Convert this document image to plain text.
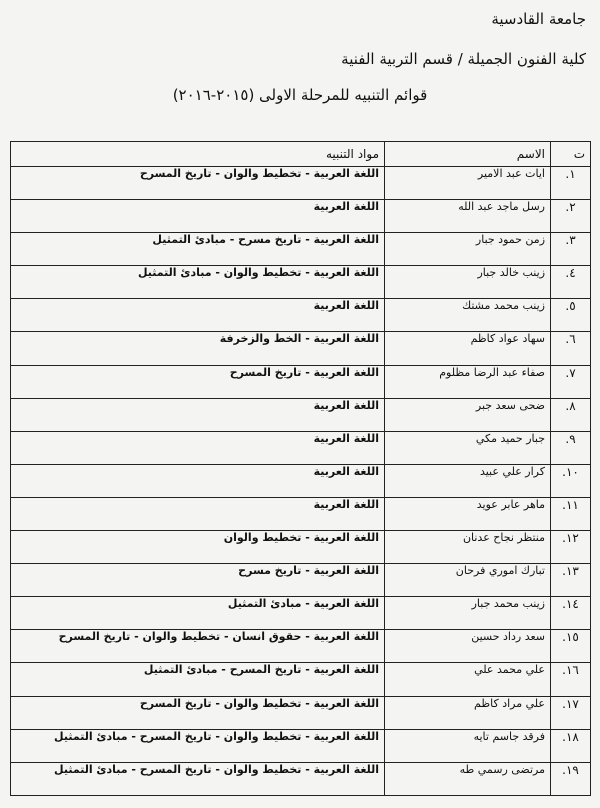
جامعة القادسية
كلية الفنون الجميلة / قسم التربية الفنية
قوائم التنبيه للمرحلة الاولى (٢٠١٥-٢٠١٦)
ت	الاسم	مواد التنبيه
١.	ايات عبد الامير	اللغة العربية - تخطيط والوان - تاريخ المسرح
٢.	رسل ماجد عبد الله	اللغة العربية
٣.	زمن حمود جبار	اللغة العربية - تاريخ مسرح - مبادئ التمثيل
٤.	زينب خالد جبار	اللغة العربية - تخطيط والوان - مبادئ التمثيل
٥.	زينب محمد مشتك	اللغة العربية
٦.	سهاد عواد كاظم	اللغة العربية - الخط والزخرفة
٧.	صفاء عبد الرضا مظلوم	اللغة العربية - تاريخ المسرح
٨.	ضحى سعد جبر	اللغة العربية
٩.	جبار حميد مكي	اللغة العربية
١٠.	كرار علي عبيد	اللغة العربية
١١.	ماهر عابر عويد	اللغة العربية
١٢.	منتظر نجاح عدنان	اللغة العربية - تخطيط والوان
١٣.	تبارك اموري فرحان	اللغة العربية - تاريخ مسرح
١٤.	زينب محمد جبار	اللغة العربية - مبادئ التمثيل
١٥.	سعد رداد حسين	اللغة العربية - حقوق انسان - تخطيط والوان - تاريخ المسرح
١٦.	علي محمد علي	اللغة العربية - تاريخ المسرح - مبادئ التمثيل
١٧.	علي مراد كاظم	اللغة العربية - تخطيط والوان - تاريخ المسرح
١٨.	فرقد جاسم تايه	اللغة العربية - تخطيط والوان - تاريخ المسرح - مبادئ التمثيل
١٩.	مرتضى رسمي طه	اللغة العربية - تخطيط والوان - تاريخ المسرح - مبادئ التمثيل
